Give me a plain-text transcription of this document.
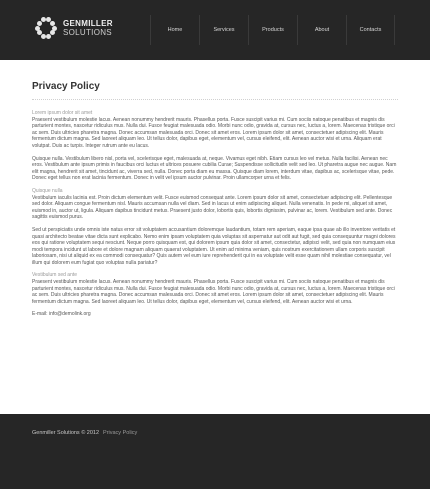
GENMILLER
SOLUTIONS	Home	Services	Products	About	Contacts
Privacy Policy

Lorem ipsum dolor sit amet

Praesent vestibulum molestie lacus. Aenean nonummy hendrerit mauris. Phasellus porta. Fusce suscipit varius mi. Cum sociis natoque penatibus et magnis dis parturient montes, nascetur ridiculus mus. Nulla dui. Fusce feugiat malesuada odio. Morbi nunc odio, gravida at, cursus nec, luctus a, lorem. Maecenas tristique orci ac sem. Duis ultricies pharetra magna. Donec accumsan malesuada orci. Donec sit amet eros. Lorem ipsum dolor sit amet, consectetuer adipiscing elit. Mauris fermentum dictum magna. Sed laoreet aliquam leo. Ut tellus dolor, dapibus eget, elementum vel, cursus eleifend, elit. Aenean auctor wisi et urna. Aliquam erat volutpat. Duis ac turpis. Integer rutrum ante eu lacus.

Quisque nulla. Vestibulum libero nisl, porta vel, scelerisque eget, malesuada at, neque. Vivamus eget nibh. Etiam cursus leo vel metus. Nulla facilisi. Aenean nec eros. Vestibulum ante ipsum primis in faucibus orci luctus et ultrices posuere cubilia Curae; Suspendisse sollicitudin velit sed leo. Ut pharetra augue nec augue. Nam elit magna, hendrerit sit amet, tincidunt ac, viverra sed, nulla. Donec porta diam eu massa. Quisque diam lorem, interdum vitae, dapibus ac, scelerisque vitae, pede. Donec eget tellus non erat lacinia fermentum. Donec in velit vel ipsum auctor pulvinar. Proin ullamcorper urna et felis.

Quisque nulla

Vestibulum iaculis lacinia est. Proin dictum elementum velit. Fusce euismod consequat ante. Lorem ipsum dolor sit amet, consectetuer adipiscing elit. Pellentesque sed dolor. Aliquam congue fermentum nisl. Mauris accumsan nulla vel diam. Sed in lacus ut enim adipiscing aliquet. Nulla venenatis. In pede mi, aliquet sit amet, euismod in, auctor ut, ligula. Aliquam dapibus tincidunt metus. Praesent justo dolor, lobortis quis, lobortis dignissim, pulvinar ac, lorem. Vestibulum sed ante. Donec sagittis euismod purus.

Sed ut perspiciatis unde omnis iste natus error sit voluptatem accusantium doloremque laudantium, totam rem aperiam, eaque ipsa quae ab illo inventore veritatis et quasi architecto beatae vitae dicta sunt explicabo. Nemo enim ipsam voluptatem quia voluptas sit aspernatur aut odit aut fugit, sed quia consequuntur magni dolores eos qui ratione voluptatem sequi nesciunt. Neque porro quisquam est, qui dolorem ipsum quia dolor sit amet, consectetur, adipisci velit, sed quia non numquam eius modi tempora incidunt ut labore et dolore magnam aliquam quaerat voluptatem. Ut enim ad minima veniam, quis nostrum exercitationem ullam corporis suscipit laboriosam, nisi ut aliquid ex ea commodi consequatur? Quis autem vel eum iure reprehenderit qui in ea voluptate velit esse quam nihil molestiae consequatur, vel illum qui dolorem eum fugiat quo voluptas nulla pariatur?

Vestibulum sed ante

Praesent vestibulum molestie lacus. Aenean nonummy hendrerit mauris. Phasellus porta. Fusce suscipit varius mi. Cum sociis natoque penatibus et magnis dis parturient montes, nascetur ridiculus mus. Nulla dui. Fusce feugiat malesuada odio. Morbi nunc odio, gravida at, cursus nec, luctus a, lorem. Maecenas tristique orci ac sem. Duis ultricies pharetra magna. Donec accumsan malesuada orci. Donec sit amet eros. Lorem ipsum dolor sit amet, consectetuer adipiscing elit. Mauris fermentum dictum magna. Sed laoreet aliquam leo. Ut tellus dolor, dapibus eget, elementum vel, cursus eleifend, elit. Aenean auctor wisi et urna.

E-mail: info@demolink.org
Genmiller Solutions © 2012 Privacy Policy
